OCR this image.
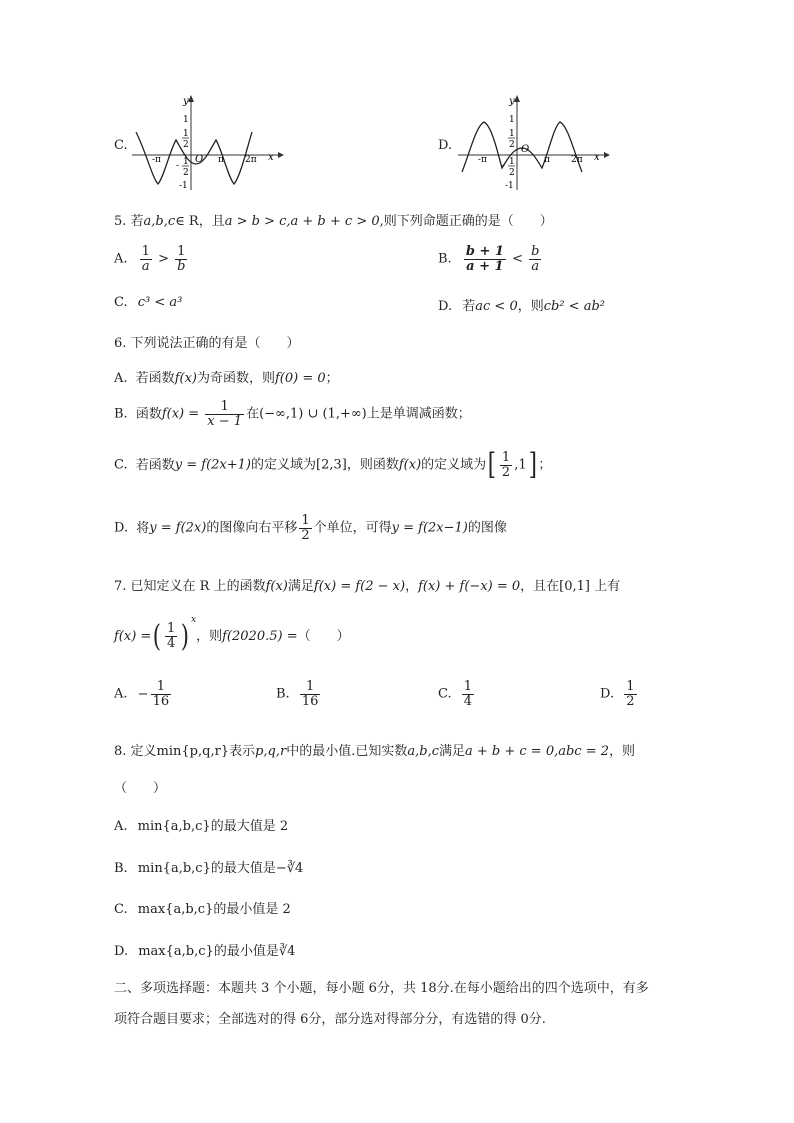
C.
y
x
O
-π	π 2π
1
1
2
- 1
2
-1
D.
y
x
O
-π	π 2π
1
1
2
- 1
2
-1
5. 若a,b,c∈ R，且a > b > c,a + b + c > 0,则下列命题正确的是（　　）
A. $\frac{1}{a} > \frac{1}{b}$	B. $\frac{b + 1}{a + 1} < \frac{b}{a}$
C. c³ < a³	D. 若ac < 0，则cb² < ab²
6. 下列说法正确的有是（　　）
A. 若函数f(x)为奇函数，则f(0) = 0；
B. 函数$f(x) = \frac{1}{x - 1}$ 在(−∞,1) ∪ (1,+∞)上是单调减函数；
C. 若函数y = f(2x+1)的定义域为[2,3]，则函数f(x)的定义域为[ $\frac{1}{2} ,1$] ；
D. 将y = f(2x)的图像向右平移 $\frac{1}{2}$ 个单位，可得y = f(2x−1)的图像
7. 已知定义在 R 上的函数f(x)满足f(x) = f(2 − x)，f(x) + f(−x) = 0，且在[0,1] 上有
f(x) =( $\frac{1}{4}$ ) $^x$，则f(2020.5) =（　　）
A. − $\frac{1}{16}$	B. $\frac{1}{16}$	C. $\frac{1}{4}$	D. $\frac{1}{2}$
8. 定义min{p,q,r}表示p,q,r中的最小值.已知实数a,b,c满足a + b + c = 0,abc = 2，则
（　　）
A. min{a,b,c}的最大值是 2
B. min{a,b,c}的最大值是−∛4
C. max{a,b,c}的最小值是 2
D. max{a,b,c}的最小值是∛4
二、多项选择题：本题共 3 个小题，每小题 6分，共 18分.在每小题给出的四个选项中，有多
项符合题目要求；全部选对的得 6分，部分选对得部分分，有选错的得 0分.
